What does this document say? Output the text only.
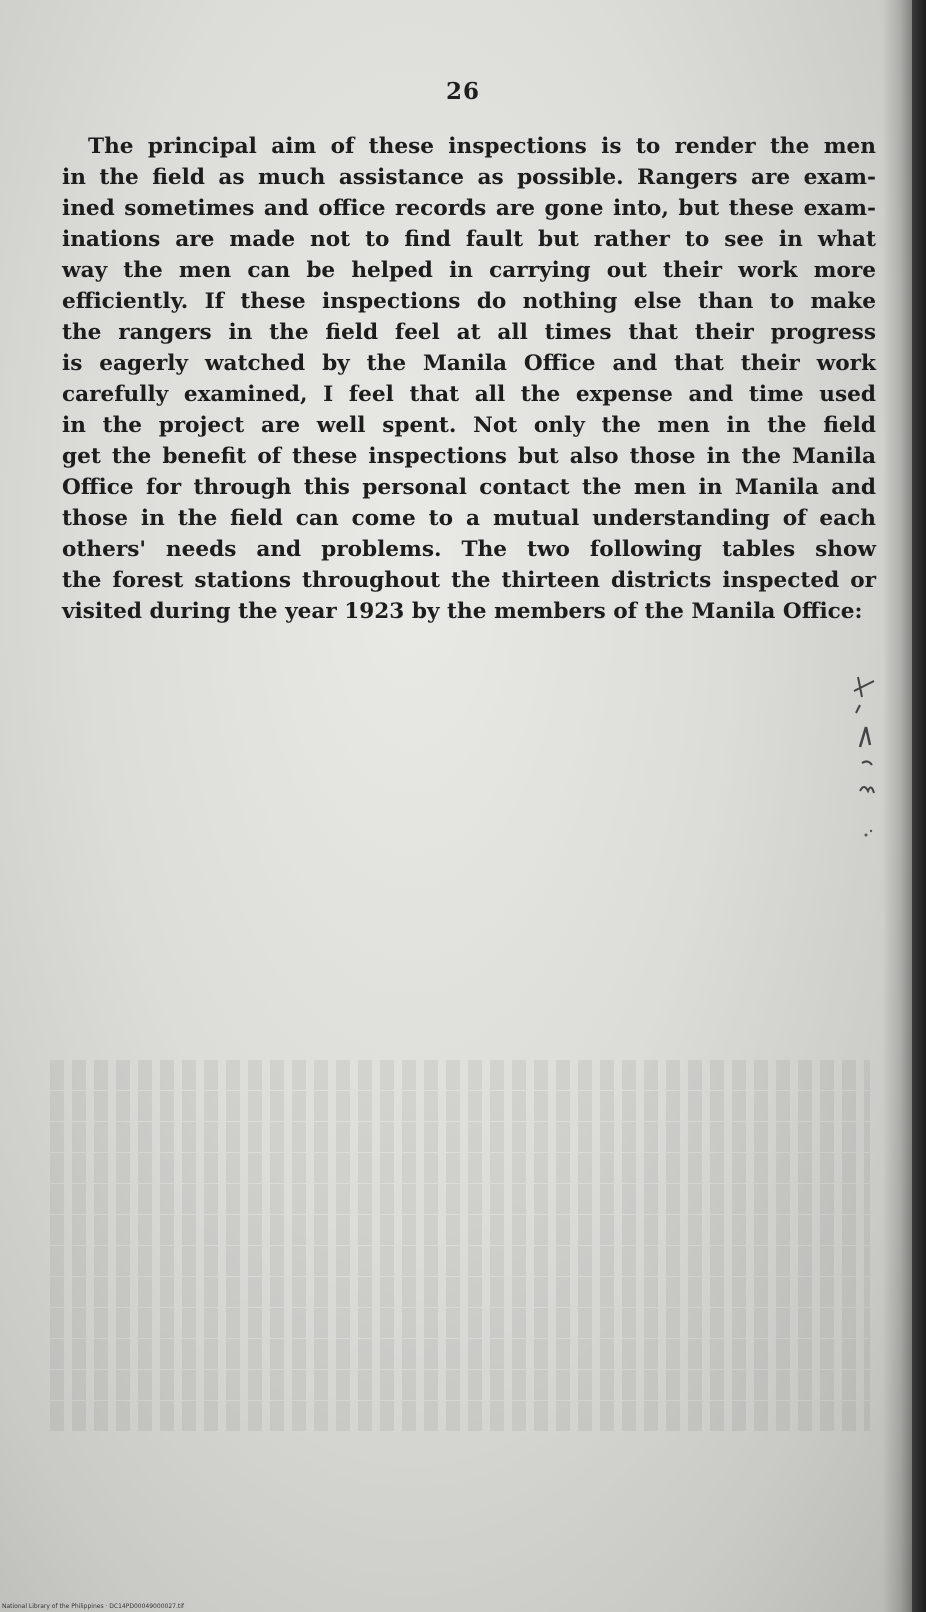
26
The principal aim of these inspections is to render the men
in the field as much assistance as possible. Rangers are exam-
ined sometimes and office records are gone into, but these exam-
inations are made not to find fault but rather to see in what
way the men can be helped in carrying out their work more
efficiently. If these inspections do nothing else than to make
the rangers in the field feel at all times that their progress
is eagerly watched by the Manila Office and that their work
carefully examined, I feel that all the expense and time used
in the project are well spent. Not only the men in the field
get the benefit of these inspections but also those in the Manila
Office for through this personal contact the men in Manila and
those in the field can come to a mutual understanding of each
others' needs and problems. The two following tables show
the forest stations throughout the thirteen districts inspected or
visited during the year 1923 by the members of the Manila Office:
National Library of the Philippines · DC14PD00049000027.tif
